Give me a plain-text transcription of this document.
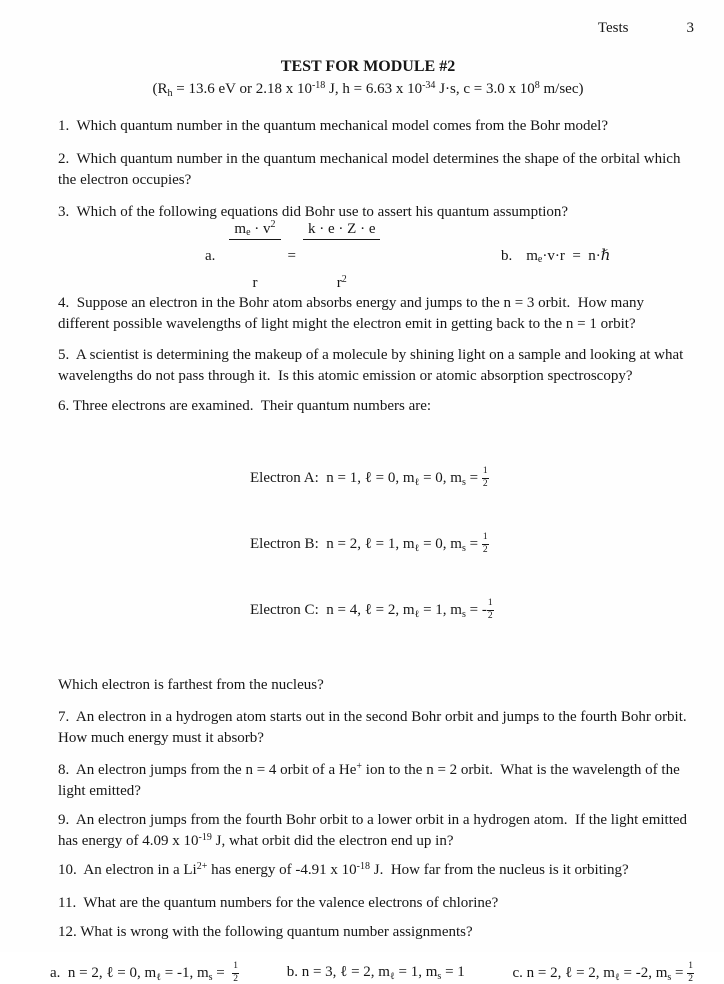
Tests	3
TEST FOR MODULE #2
($R_h = 13.6$ eV or 2.18 x $10^{-18}$ J, h = 6.63 x $10^{-34}$ J·s, c = 3.0 x $10^8$ m/sec)

1.  Which quantum number in the quantum mechanical model comes from the Bohr model?

2.  Which quantum number in the quantum mechanical model determines the shape of the orbital which the electron occupies?

3.  Which of the following equations did Bohr use to assert his quantum assumption?

a.

$\frac{m_e \cdot v^2}{r}$

=

$\frac{k \cdot e \cdot Z \cdot e}{r^2}$

	b. $m_e\cdot v\cdot r$  =  n·ℏ

4.  Suppose an electron in the Bohr atom absorbs energy and jumps to the n = 3 orbit.  How many different possible wavelengths of light might the electron emit in getting back to the n = 1 orbit?

5.  A scientist is determining the makeup of a molecule by shining light on a sample and looking at what wavelengths do not pass through it.  Is this atomic emission or atomic absorption spectroscopy?

6. Three electrons are examined.  Their quantum numbers are:

Electron A:  n = 1, ℓ = 0, $m_\ell = 0$, $m_s = \frac{1}{2}$

Electron B:  n = 2, ℓ = 1, $m_\ell = 0$, $m_s = \frac{1}{2}$

Electron C:  n = 4, ℓ = 2, $m_\ell = 1$, $m_s$ = - $\frac{1}{2}$

Which electron is farthest from the nucleus?

7.  An electron in a hydrogen atom starts out in the second Bohr orbit and jumps to the fourth Bohr orbit.  How much energy must it absorb?

8.  An electron jumps from the n = 4 orbit of a He+ ion to the n = 2 orbit.  What is the wavelength of the light emitted?

9.  An electron jumps from the fourth Bohr orbit to a lower orbit in a hydrogen atom.  If the light emitted has energy of 4.09 x $10^{-19}$ J, what orbit did the electron end up in?

10.  An electron in a $Li^{2+}$ has energy of -4.91 x $10^{-18}$ J.  How far from the nucleus is it orbiting?

11.  What are the quantum numbers for the valence electrons of chlorine?

12. What is wrong with the following quantum number assignments?

a.  n = 2, ℓ = 0, $m_\ell = -1$, $m_s = \frac{1}{2}$	b. n = 3, ℓ = 2, $m_\ell = 1$, $m_s = 1$	c. n = 2, ℓ = 2, $m_\ell = -2$, $m_s = \frac{1}{2}$
